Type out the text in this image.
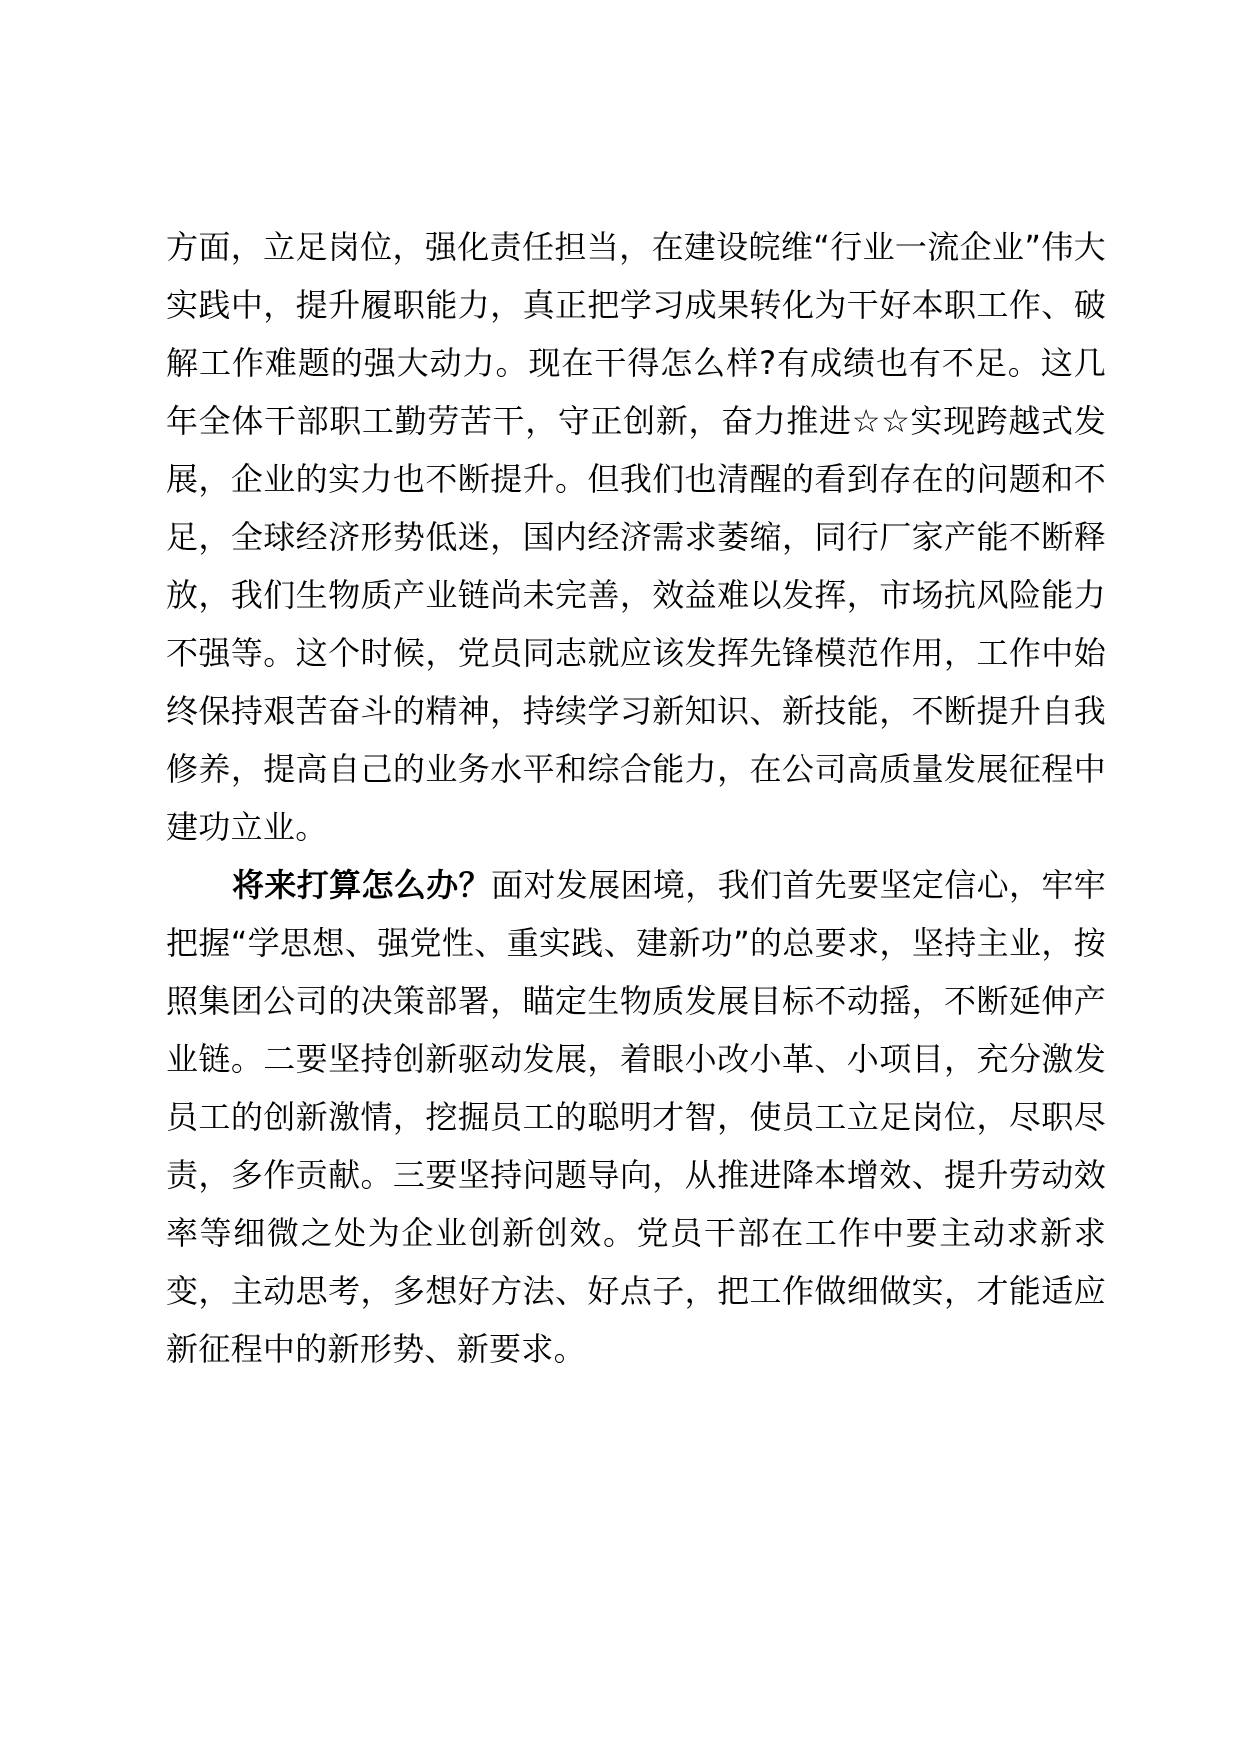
方面，立足岗位，强化责任担当，在建设皖维“行业一流企业”伟大实践中，提升履职能力，真正把学习成果转化为干好本职工作、破解工作难题的强大动力。现在干得怎么样?有成绩也有不足。这几年全体干部职工勤劳苦干，守正创新，奋力推进☆☆实现跨越式发展，企业的实力也不断提升。但我们也清醒的看到存在的问题和不足，全球经济形势低迷，国内经济需求萎缩，同行厂家产能不断释放，我们生物质产业链尚未完善，效益难以发挥，市场抗风险能力不强等。这个时候，党员同志就应该发挥先锋模范作用，工作中始终保持艰苦奋斗的精神，持续学习新知识、新技能，不断提升自我修养，提高自己的业务水平和综合能力，在公司高质量发展征程中建功立业。

将来打算怎么办？面对发展困境，我们首先要坚定信心，牢牢把握“学思想、强党性、重实践、建新功”的总要求，坚持主业，按照集团公司的决策部署，瞄定生物质发展目标不动摇，不断延伸产业链。二要坚持创新驱动发展，着眼小改小革、小项目，充分激发员工的创新激情，挖掘员工的聪明才智，使员工立足岗位，尽职尽责，多作贡献。三要坚持问题导向，从推进降本增效、提升劳动效率等细微之处为企业创新创效。党员干部在工作中要主动求新求变，主动思考，多想好方法、好点子，把工作做细做实，才能适应新征程中的新形势、新要求。
